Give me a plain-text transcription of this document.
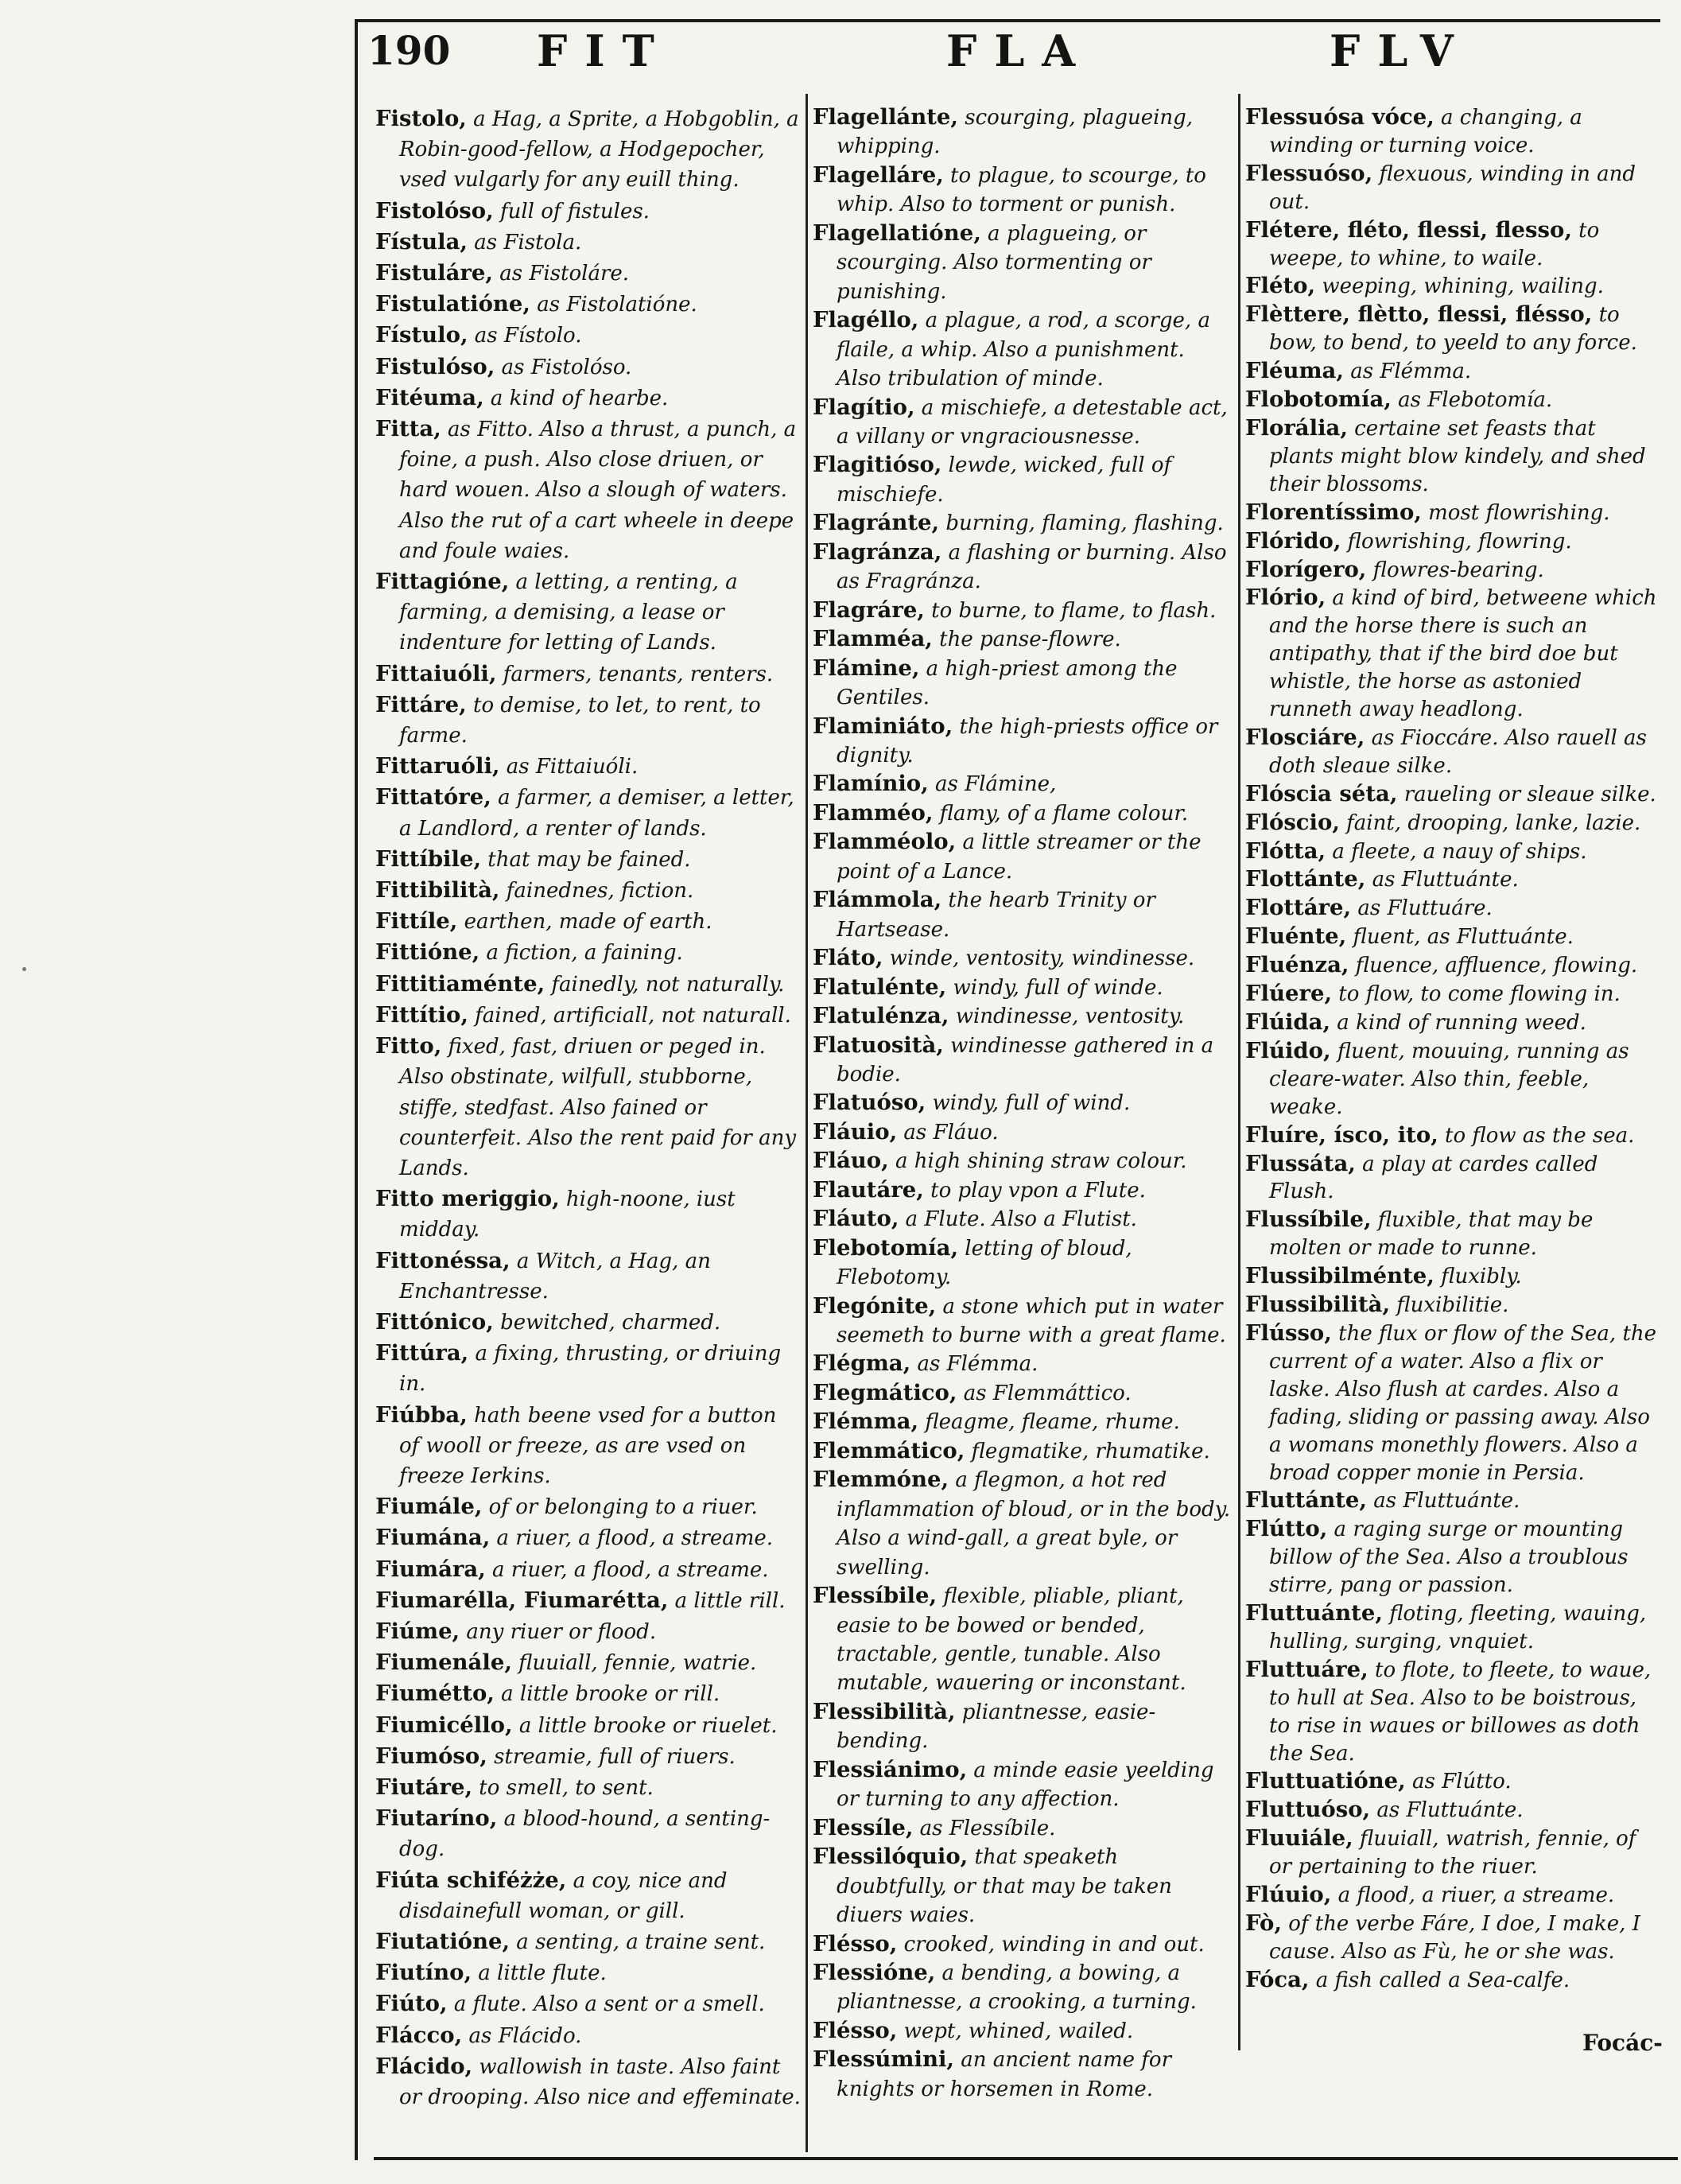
190 FIT	FLA	FLV

Fistolo, a Hag, a Sprite, a Hobgoblin, a Robin-good-fellow, a Hodgepocher, vsed vulgarly for any euill thing.

Fistolóso, full of fistules.

Fístula, as Fistola.

Fistuláre, as Fistoláre.

Fistulatióne, as Fistolatióne.

Fístulo, as Fístolo.

Fistulóso, as Fistolóso.

Fitéuma, a kind of hearbe.

Fitta, as Fitto. Also a thrust, a punch, a foine, a push. Also close driuen, or hard wouen. Also a slough of waters. Also the rut of a cart wheele in deepe and foule waies.

Fittagióne, a letting, a renting, a farming, a demising, a lease or indenture for letting of Lands.

Fittaiuóli, farmers, tenants, renters.

Fittáre, to demise, to let, to rent, to farme.

Fittaruóli, as Fittaiuóli.

Fittatóre, a farmer, a demiser, a letter, a Landlord, a renter of lands.

Fittíbile, that may be fained.

Fittibilità, fainednes, fiction.

Fittíle, earthen, made of earth.

Fittióne, a fiction, a faining.

Fittitiaménte, fainedly, not naturally.

Fittítio, fained, artificiall, not naturall.

Fitto, fixed, fast, driuen or peged in. Also obstinate, wilfull, stubborne, stiffe, stedfast. Also fained or counterfeit. Also the rent paid for any Lands.

Fitto meriggio, high-noone, iust midday.

Fittonéssa, a Witch, a Hag, an Enchantresse.

Fittónico, bewitched, charmed.

Fittúra, a fixing, thrusting, or driuing in.

Fiúbba, hath beene vsed for a button of wooll or freeze, as are vsed on freeze Ierkins.

Fiumále, of or belonging to a riuer.

Fiumána, a riuer, a flood, a streame.

Fiumára, a riuer, a flood, a streame.

Fiumarélla, Fiumarétta, a little rill.

Fiúme, any riuer or flood.

Fiumenále, fluuiall, fennie, watrie.

Fiumétto, a little brooke or rill.

Fiumicéllo, a little brooke or riuelet.

Fiumóso, streamie, full of riuers.

Fiutáre, to smell, to sent.

Fiutaríno, a blood-hound, a senting-dog.

Fiúta schiféżże, a coy, nice and disdainefull woman, or gill.

Fiutatióne, a senting, a traine sent.

Fiutíno, a little flute.

Fiúto, a flute. Also a sent or a smell.

Flácco, as Flácido.

Flácido, wallowish in taste. Also faint or drooping. Also nice and effeminate.

Flagellánte, scourging, plagueing, whipping.

Flagelláre, to plague, to scourge, to whip. Also to torment or punish.

Flagellatióne, a plagueing, or scourging. Also tormenting or punishing.

Flagéllo, a plague, a rod, a scorge, a flaile, a whip. Also a punishment. Also tribulation of minde.

Flagítio, a mischiefe, a detestable act, a villany or vngraciousnesse.

Flagitióso, lewde, wicked, full of mischiefe.

Flagránte, burning, flaming, flashing.

Flagránza, a flashing or burning. Also as Fragránza.

Flagráre, to burne, to flame, to flash.

Flamméa, the panse-flowre.

Flámine, a high-priest among the Gentiles.

Flaminiáto, the high-priests office or dignity.

Flamínio, as Flámine,

Flamméo, flamy, of a flame colour.

Flamméolo, a little streamer or the point of a Lance.

Flámmola, the hearb Trinity or Hartsease.

Fláto, winde, ventosity, windinesse.

Flatulénte, windy, full of winde.

Flatulénza, windinesse, ventosity.

Flatuosità, windinesse gathered in a bodie.

Flatuóso, windy, full of wind.

Fláuio, as Fláuo.

Fláuo, a high shining straw colour.

Flautáre, to play vpon a Flute.

Fláuto, a Flute. Also a Flutist.

Flebotomía, letting of bloud, Flebotomy.

Flegónite, a stone which put in water seemeth to burne with a great flame.

Flégma, as Flémma.

Flegmático, as Flemmáttico.

Flémma, fleagme, fleame, rhume.

Flemmático, flegmatike, rhumatike.

Flemmóne, a flegmon, a hot red inflammation of bloud, or in the body. Also a wind-gall, a great byle, or swelling.

Flessíbile, flexible, pliable, pliant, easie to be bowed or bended, tractable, gentle, tunable. Also mutable, wauering or inconstant.

Flessibilità, pliantnesse, easie-bending.

Flessiánimo, a minde easie yeelding or turning to any affection.

Flessíle, as Flessíbile.

Flessilóquio, that speaketh doubtfully, or that may be taken diuers waies.

Flésso, crooked, winding in and out.

Flessióne, a bending, a bowing, a pliantnesse, a crooking, a turning.

Flésso, wept, whined, wailed.

Flessúmini, an ancient name for knights or horsemen in Rome.

Flessuósa vóce, a changing, a winding or turning voice.

Flessuóso, flexuous, winding in and out.

Flétere, fléto, flessi, flesso, to weepe, to whine, to waile.

Fléto, weeping, whining, wailing.

Flèttere, flètto, flessi, flésso, to bow, to bend, to yeeld to any force.

Fléuma, as Flémma.

Flobotomía, as Flebotomía.

Florália, certaine set feasts that plants might blow kindely, and shed their blossoms.

Florentíssimo, most flowrishing.

Flórido, flowrishing, flowring.

Florígero, flowres-bearing.

Flório, a kind of bird, betweene which and the horse there is such an antipathy, that if the bird doe but whistle, the horse as astonied runneth away headlong.

Flosciáre, as Fioccáre. Also rauell as doth sleaue silke.

Flóscia séta, raueling or sleaue silke.

Flóscio, faint, drooping, lanke, lazie.

Flótta, a fleete, a nauy of ships.

Flottánte, as Fluttuánte.

Flottáre, as Fluttuáre.

Fluénte, fluent, as Fluttuánte.

Fluénza, fluence, affluence, flowing.

Flúere, to flow, to come flowing in.

Flúida, a kind of running weed.

Flúido, fluent, mouuing, running as cleare-water. Also thin, feeble, weake.

Fluíre, ísco, ito, to flow as the sea.

Flussáta, a play at cardes called Flush.

Flussíbile, fluxible, that may be molten or made to runne.

Flussibilménte, fluxibly.

Flussibilità, fluxibilitie.

Flússo, the flux or flow of the Sea, the current of a water. Also a flix or laske. Also flush at cardes. Also a fading, sliding or passing away. Also a womans monethly flowers. Also a broad copper monie in Persia.

Fluttánte, as Fluttuánte.

Flútto, a raging surge or mounting billow of the Sea. Also a troublous stirre, pang or passion.

Fluttuánte, floting, fleeting, wauing, hulling, surging, vnquiet.

Fluttuáre, to flote, to fleete, to waue, to hull at Sea. Also to be boistrous, to rise in waues or billowes as doth the Sea.

Fluttuatióne, as Flútto.

Fluttuóso, as Fluttuánte.

Fluuiále, fluuiall, watrish, fennie, of or pertaining to the riuer.

Flúuio, a flood, a riuer, a streame.

Fò, of the verbe Fáre, I doe, I make, I cause. Also as Fù, he or she was.

Fóca, a fish called a Sea-calfe.

Focác-
